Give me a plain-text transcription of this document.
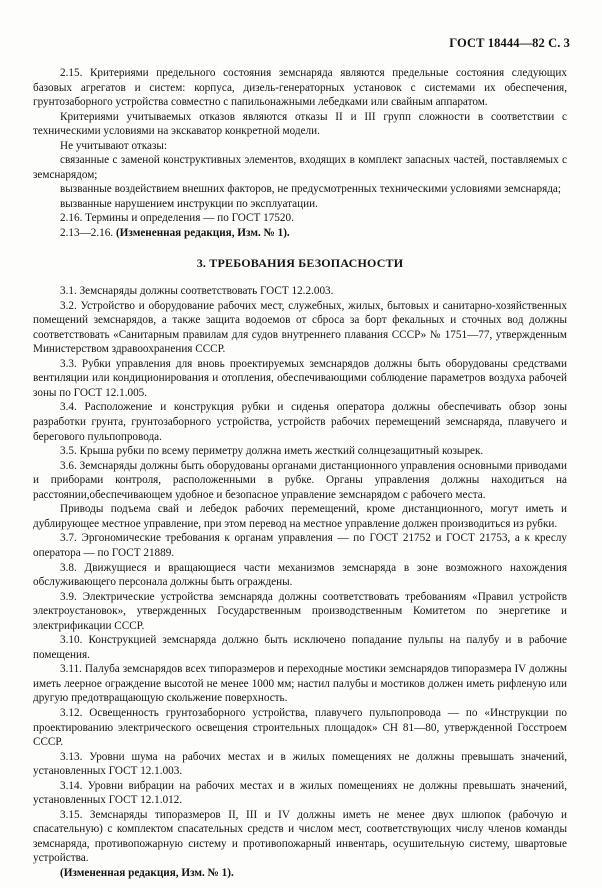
ГОСТ 18444—82 С. 3

2.15. Критериями предельного состояния земснаряда являются предельные состояния следующих базовых агрегатов и систем: корпуса, дизель-генераторных установок с системами их обеспечения, грунтозаборного устройства совместно с папильонажными лебедками или свайным аппаратом.

Критериями учитываемых отказов являются отказы II и III групп сложности в соответствии с техническими условиями на экскаватор конкретной модели.

Не учитывают отказы:

связанные с заменой конструктивных элементов, входящих в комплект запасных частей, поставляемых с земснарядом;

вызванные воздействием внешних факторов, не предусмотренных техническими условиями земснаряда;

вызванные нарушением инструкции по эксплуатации.

2.16. Термины и определения — по ГОСТ 17520.

2.13—2.16. (Измененная редакция, Изм. № 1).

3. ТРЕБОВАНИЯ БЕЗОПАСНОСТИ

3.1. Земснаряды должны соответствовать ГОСТ 12.2.003.

3.2. Устройство и оборудование рабочих мест, служебных, жилых, бытовых и санитарно-хозяйственных помещений земснарядов, а также защита водоемов от сброса за борт фекальных и сточных вод должны соответствовать «Санитарным правилам для судов внутреннего плавания СССР» № 1751—77, утвержденным Министерством здравоохранения СССР.

3.3. Рубки управления для вновь проектируемых земснарядов должны быть оборудованы средствами вентиляции или кондиционирования и отопления, обеспечивающими соблюдение параметров воздуха рабочей зоны по ГОСТ 12.1.005.

3.4. Расположение и конструкция рубки и сиденья оператора должны обеспечивать обзор зоны разработки грунта, грунтозаборного устройства, устройств рабочих перемещений земснаряда, плавучего и берегового пульпопровода.

3.5. Крыша рубки по всему периметру должна иметь жесткий солнцезащитный козырек.

3.6. Земснаряды должны быть оборудованы органами дистанционного управления основными приводами и приборами контроля, расположенными в рубке. Органы управления должны находиться на расстоянии,обеспечивающем удобное и безопасное управление земснарядом с рабочего места.

Приводы подъема свай и лебедок рабочих перемещений, кроме дистанционного, могут иметь и дублирующее местное управление, при этом перевод на местное управление должен производиться из рубки.

3.7. Эргономические требования к органам управления — по ГОСТ 21752 и ГОСТ 21753, а к креслу оператора — по ГОСТ 21889.

3.8. Движущиеся и вращающиеся части механизмов земснаряда в зоне возможного нахождения обслуживающего персонала должны быть ограждены.

3.9. Электрические устройства земснаряда должны соответствовать требованиям «Правил устройств электроустановок», утвержденных Государственным производственным Комитетом по энергетике и электрификации СССР.

3.10. Конструкцией земснаряда должно быть исключено попадание пульпы на палубу и в рабочие помещения.

3.11. Палуба земснарядов всех типоразмеров и переходные мостики земснарядов типоразмера IV должны иметь леерное ограждение высотой не менее 1000 мм; настил палубы и мостиков должен иметь рифленую или другую предотвращающую скольжение поверхность.

3.12. Освещенность грунтозаборного устройства, плавучего пульпопровода — по «Инструкции по проектированию электрического освещения строительных площадок» СН 81—80, утвержденной Госстроем СССР.

3.13. Уровни шума на рабочих местах и в жилых помещениях не должны превышать значений, установленных ГОСТ 12.1.003.

3.14. Уровни вибрации на рабочих местах и в жилых помещениях не должны превышать значений, установленных ГОСТ 12.1.012.

3.15. Земснаряды типоразмеров II, III и IV должны иметь не менее двух шлюпок (рабочую и спасательную) с комплектом спасательных средств и числом мест, соответствующих числу членов команды земснаряда, противопожарную систему и противопожарный инвентарь, осушительную систему, швартовые устройства.

(Измененная редакция, Изм. № 1).
